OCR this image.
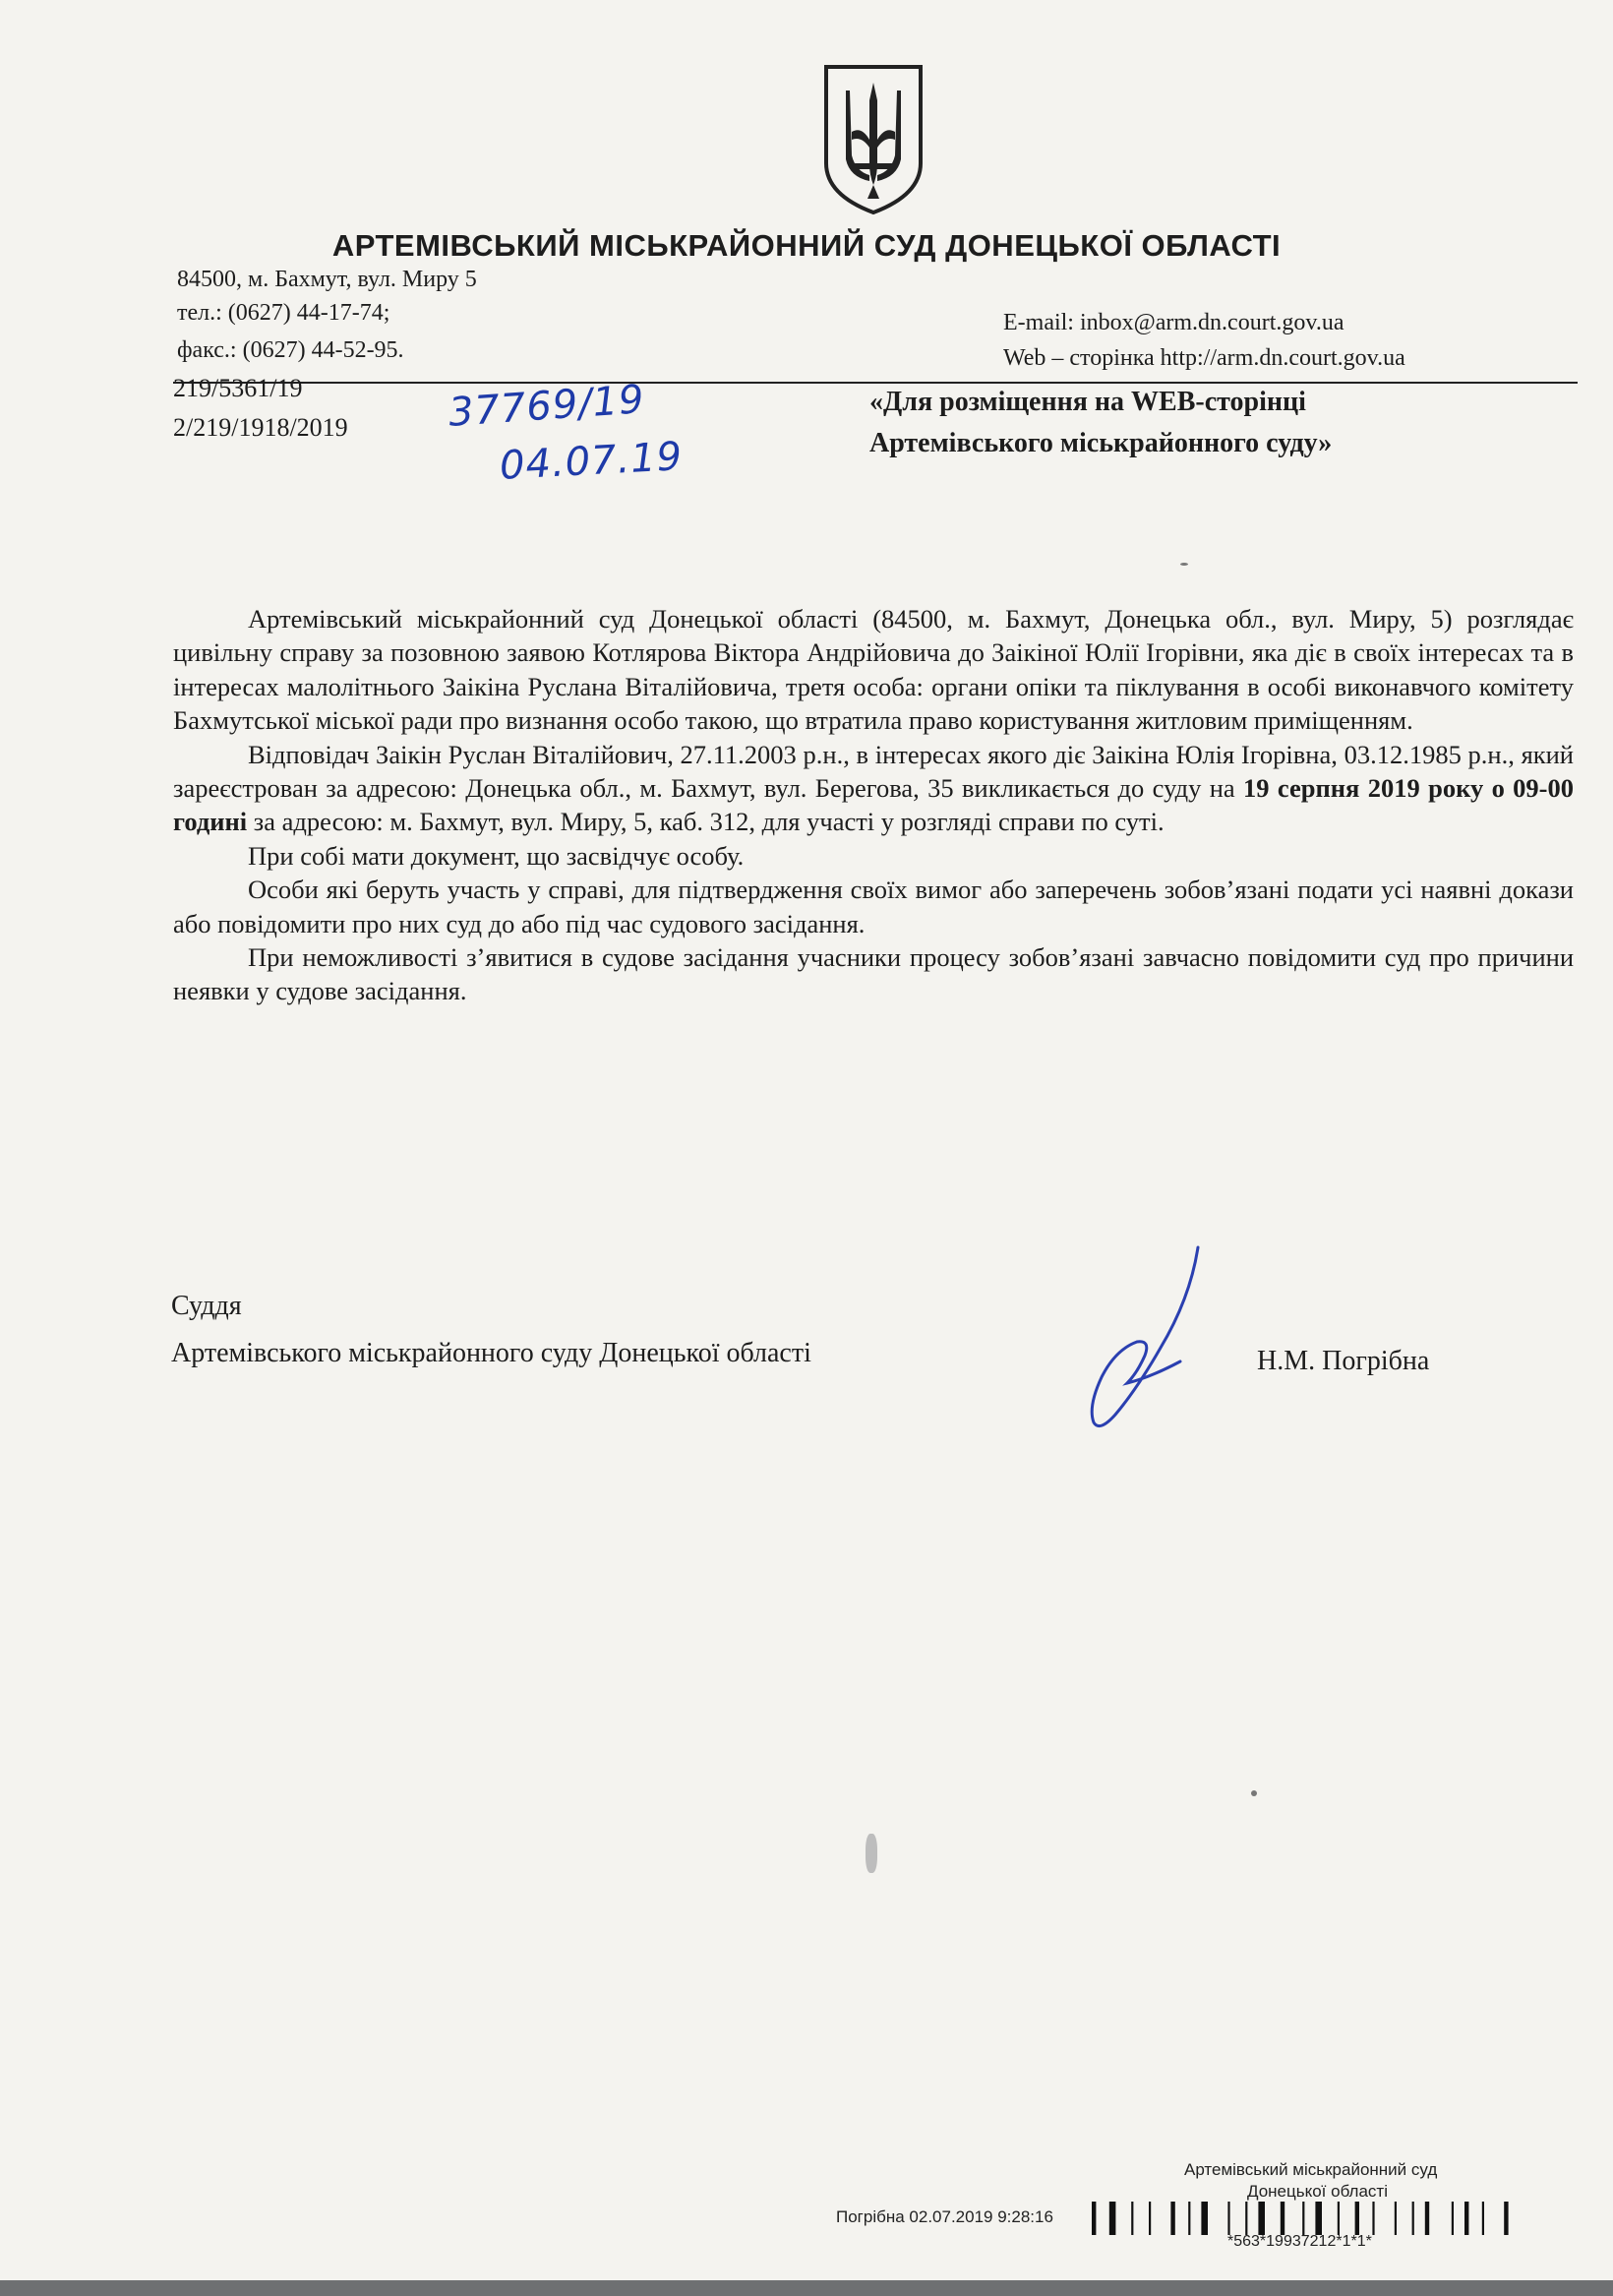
АРТЕМІВСЬКИЙ МІСЬКРАЙОННИЙ СУД ДОНЕЦЬКОЇ ОБЛАСТІ
84500, м. Бахмут, вул. Миру 5
тел.: (0627) 44-17-74;
факс.: (0627) 44-52-95.
E-mail: inbox@arm.dn.court.gov.ua
Web – сторінка http://arm.dn.court.gov.ua
219/5361/19
2/219/1918/2019	37769/19
04.07.19
«Для розміщення на WEB-сторінці
Артемівського міськрайонного суду»

Артемівський міськрайонний суд Донецької області (84500, м. Бахмут, Донецька обл., вул. Миру, 5) розглядає цивільну справу за позовною заявою Котлярова Віктора Андрійовича до Заікіної Юлії Ігорівни, яка діє в своїх інтересах та в інтересах малолітнього Заікіна Руслана Віталійовича, третя особа: органи опіки та піклування в особі виконавчого комітету Бахмутської міської ради про визнання особо такою, що втратила право користування житловим приміщенням.

Відповідач Заікін Руслан Віталійович, 27.11.2003 р.н., в інтересах якого діє Заікіна Юлія Ігорівна, 03.12.1985 р.н., який зареєстрован за адресою: Донецька обл., м. Бахмут, вул. Берегова, 35 викликається до суду на 19 серпня 2019 року о 09-00 годині за адресою: м. Бахмут, вул. Миру, 5, каб. 312, для участі у розгляді справи по суті.

При собі мати документ, що засвідчує особу.

Особи які беруть участь у справі, для підтвердження своїх вимог або заперечень зобов’язані подати усі наявні докази або повідомити про них суд до або під час судового засідання.

При неможливості з’явитися в судове засідання учасники процесу зобов’язані завчасно повідомити суд про причини неявки у судове засідання.

Суддя
Артемівського міськрайонного суду Донецької області	Н.М. Погрібна
Артемівський міськрайонний суд
Донецької області
Погрібна 02.07.2019 9:28:16
*563*19937212*1*1*
